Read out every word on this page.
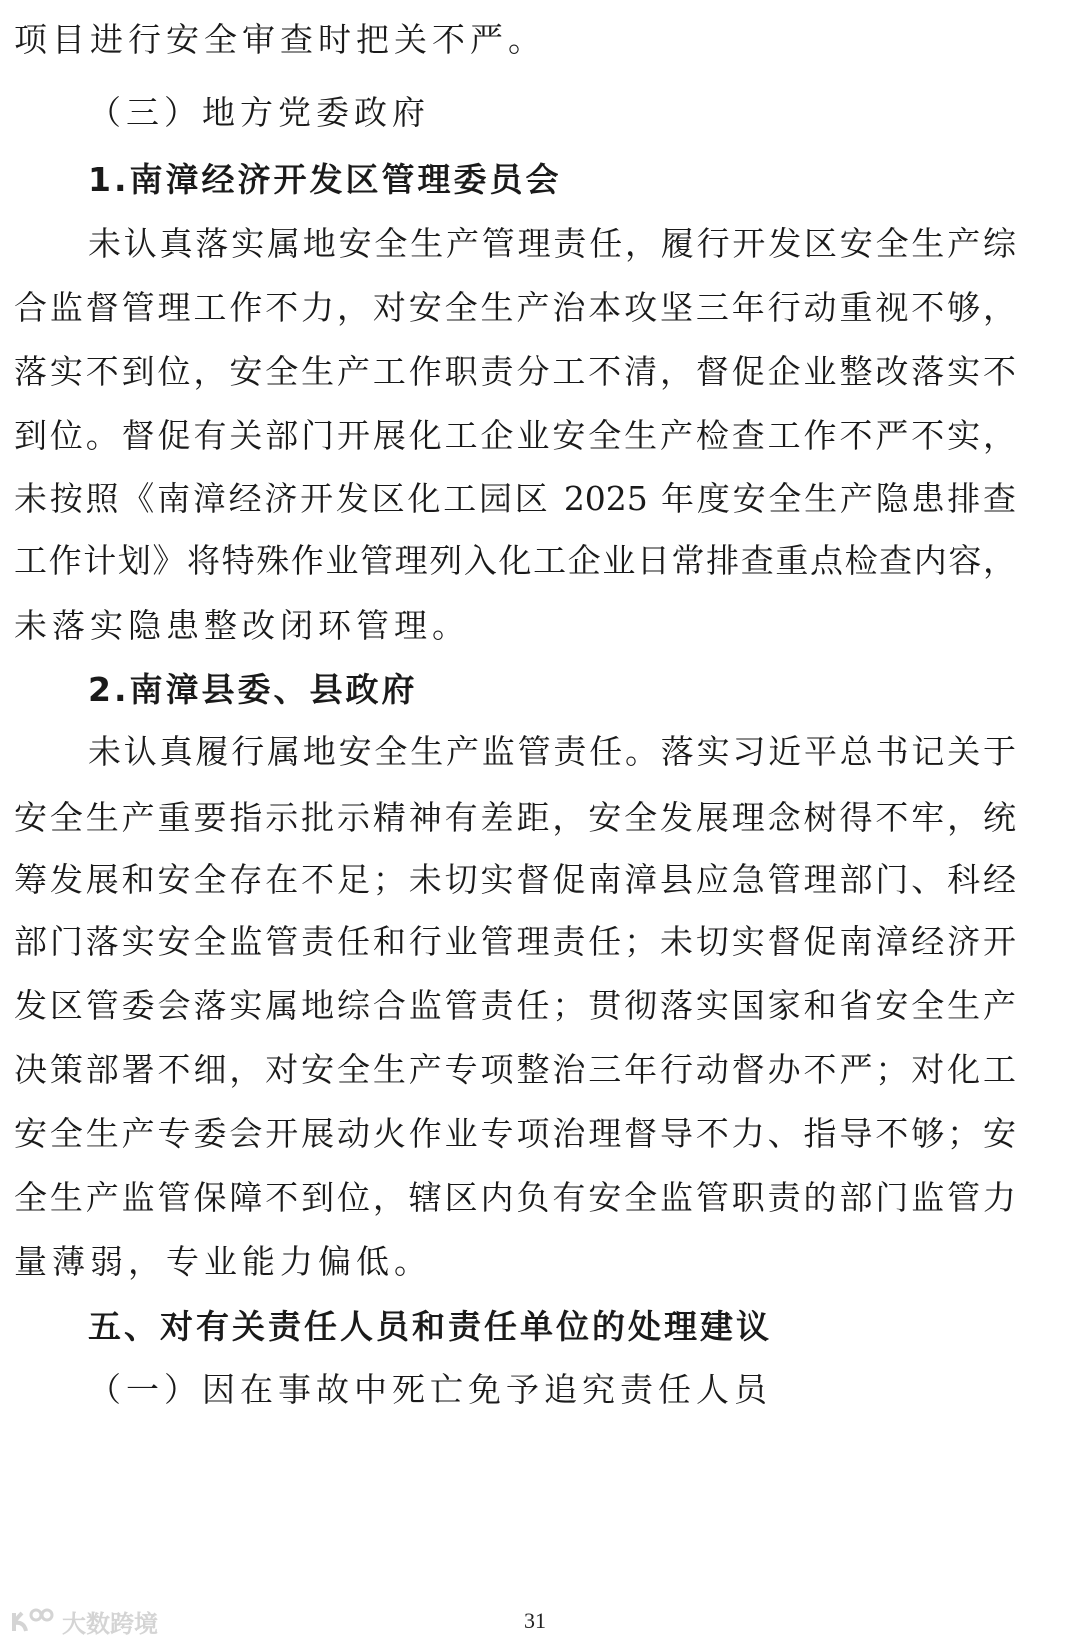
项目进行安全审查时把关不严。
（三）地方党委政府
1.南漳经济开发区管理委员会
未认真落实属地安全生产管理责任，履行开发区安全生产综
合监督管理工作不力，对安全生产治本攻坚三年行动重视不够，
落实不到位，安全生产工作职责分工不清，督促企业整改落实不
到位。督促有关部门开展化工企业安全生产检查工作不严不实，
未按照《南漳经济开发区化工园区 2025 年度安全生产隐患排查
工作计划》将特殊作业管理列入化工企业日常排查重点检查内容，
未落实隐患整改闭环管理。
2.南漳县委、县政府
未认真履行属地安全生产监管责任。落实习近平总书记关于
安全生产重要指示批示精神有差距，安全发展理念树得不牢，统
筹发展和安全存在不足；未切实督促南漳县应急管理部门、科经
部门落实安全监管责任和行业管理责任；未切实督促南漳经济开
发区管委会落实属地综合监管责任；贯彻落实国家和省安全生产
决策部署不细，对安全生产专项整治三年行动督办不严；对化工
安全生产专委会开展动火作业专项治理督导不力、指导不够；安
全生产监管保障不到位，辖区内负有安全监管职责的部门监管力
量薄弱，专业能力偏低。
五、对有关责任人员和责任单位的处理建议
（一）因在事故中死亡免予追究责任人员
大数跨境	31
